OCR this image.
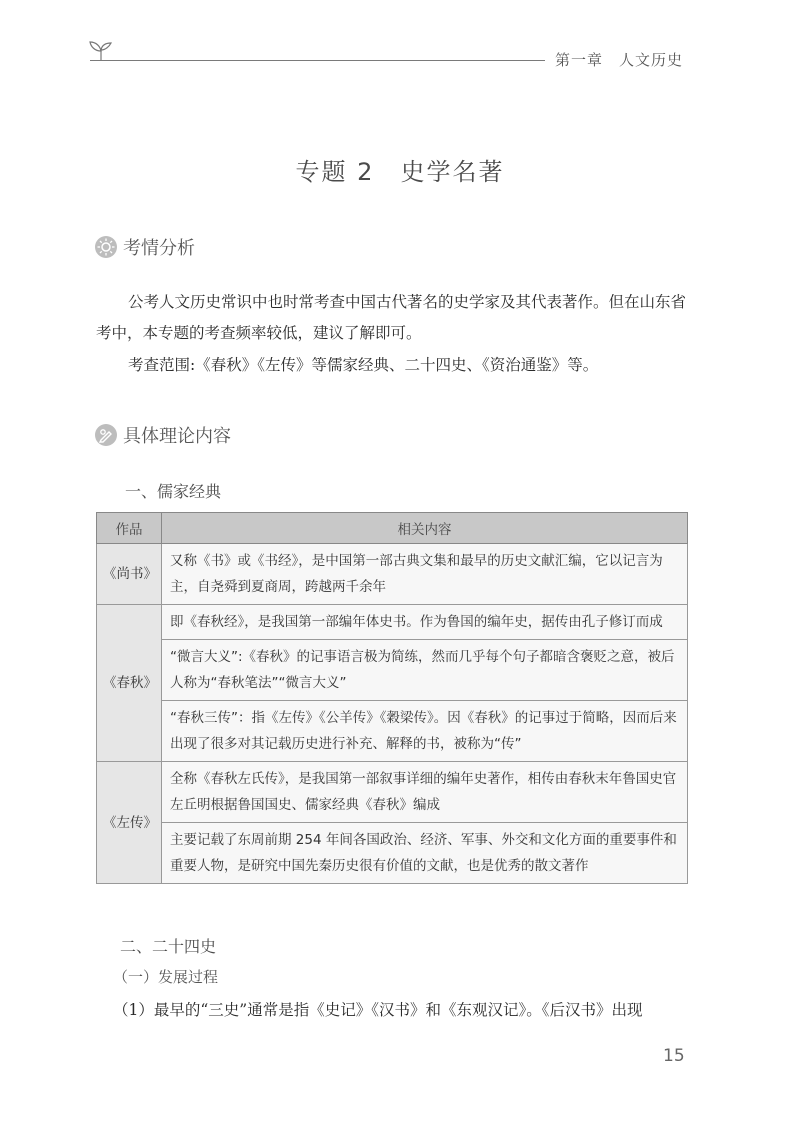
第一章　人文历史
专题 2　史学名著
考情分析

公考人文历史常识中也时常考查中国古代著名的史学家及其代表著作。但在山东省考中，本专题的考查频率较低，建议了解即可。

考查范围:《春秋》《左传》等儒家经典、二十四史、《资治通鉴》等。

具体理论内容
一、儒家经典
作品	相关内容
《尚书》	又称《书》或《书经》，是中国第一部古典文集和最早的历史文献汇编，它以记言为主，自尧舜到夏商周，跨越两千余年
《春秋》	即《春秋经》，是我国第一部编年体史书。作为鲁国的编年史，据传由孔子修订而成
	“微言大义”:《春秋》的记事语言极为简练，然而几乎每个句子都暗含褒贬之意，被后人称为“春秋笔法”“微言大义”
	“春秋三传”：指《左传》《公羊传》《穀梁传》。因《春秋》的记事过于简略，因而后来出现了很多对其记载历史进行补充、解释的书，被称为“传”
《左传》	全称《春秋左氏传》，是我国第一部叙事详细的编年史著作，相传由春秋末年鲁国史官左丘明根据鲁国国史、儒家经典《春秋》编成
	主要记载了东周前期 254 年间各国政治、经济、军事、外交和文化方面的重要事件和重要人物，是研究中国先秦历史很有价值的文献，也是优秀的散文著作
二、二十四史
（一）发展过程

（1）最早的“三史”通常是指《史记》《汉书》和《东观汉记》。《后汉书》出现

15
